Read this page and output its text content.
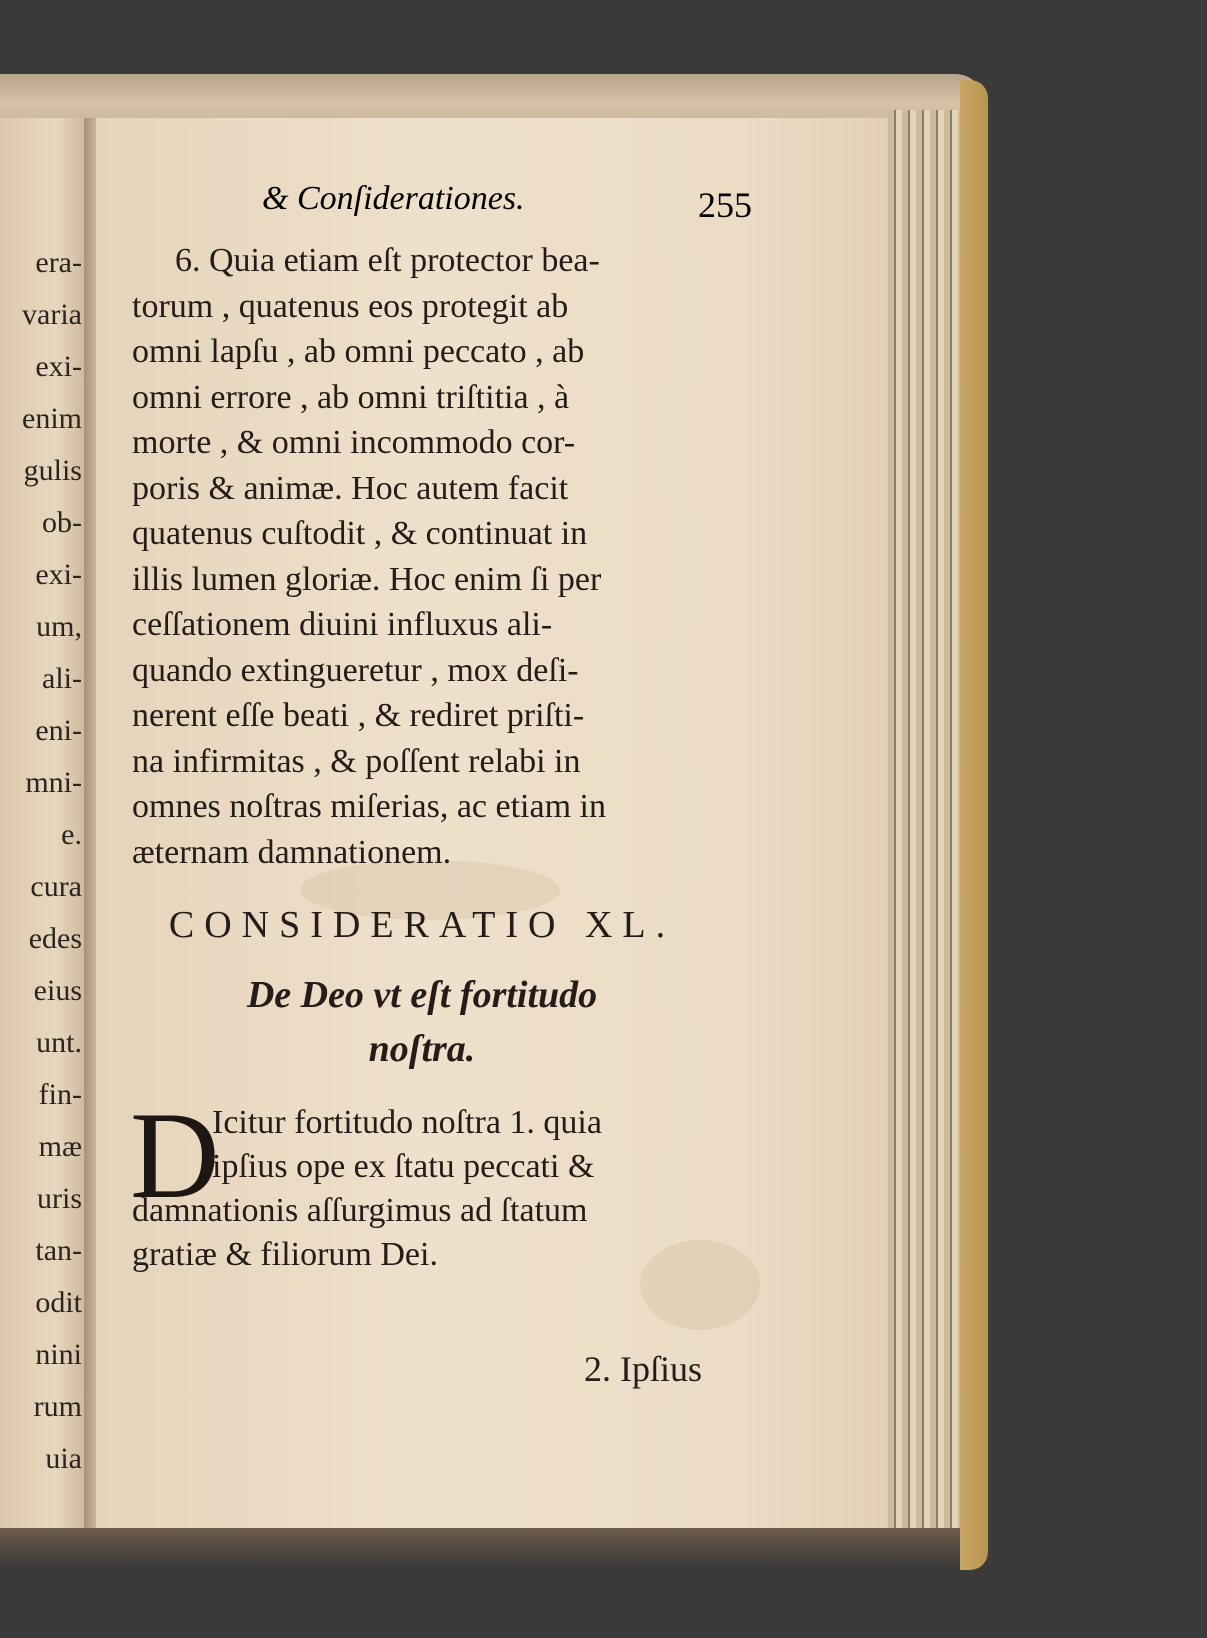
era-
varia
exi-
enim
gulis
ob-
exi-
um,
ali-
eni-
mni-
e.
cura
edes
eius
unt.
fin-
mæ
uris
tan-
odit
nini
rum
uia
& Conſiderationes.	255
6. Quia etiam eſt protector bea-
torum , quatenus eos protegit ab
omni lapſu , ab omni peccato , ab
omni errore , ab omni triſtitia , à
morte , & omni incommodo cor-
poris & animæ. Hoc autem facit
quatenus cuſtodit , & continuat in
illis lumen gloriæ. Hoc enim ſi per
ceſſationem diuini influxus ali-
quando extingueretur , mox deſi-
nerent eſſe beati , & rediret priſti-
na infirmitas , & poſſent relabi in
omnes noſtras miſerias, ac etiam in
æternam damnationem.
CONSIDERATIO XL.
De Deo vt eſt fortitudo
noſtra.
D
Icitur fortitudo noſtra 1. quia
ipſius ope ex ſtatu peccati &
damnationis aſſurgimus ad ſtatum
gratiæ & filiorum Dei.
2. Ipſius
